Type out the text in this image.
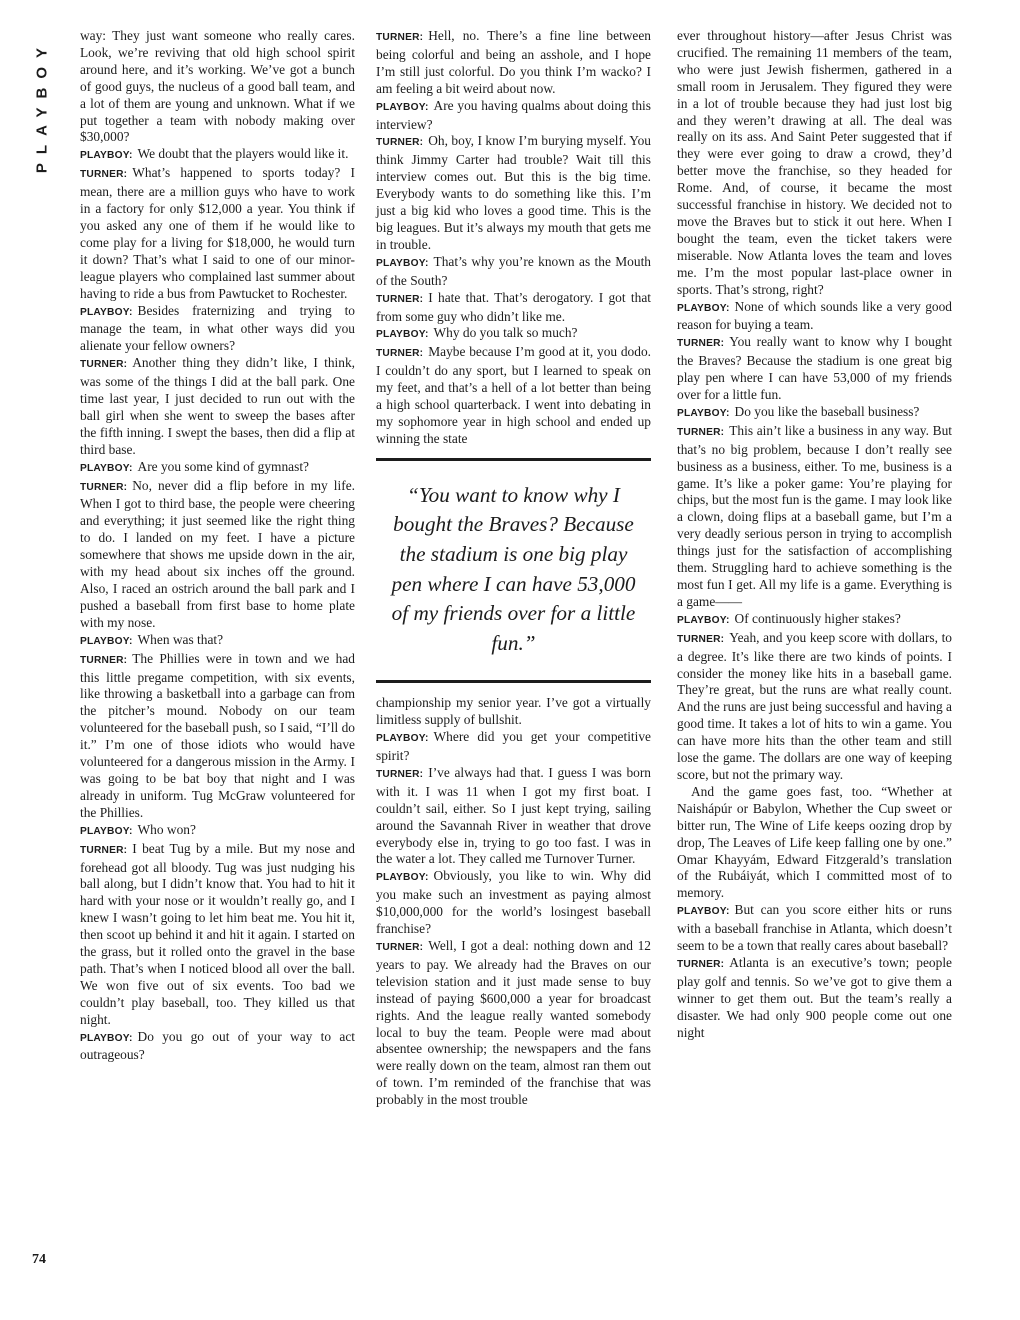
PLAYBOY

way: They just want someone who really cares. Look, we’re reviving that old high school spirit around here, and it’s working. We’ve got a bunch of good guys, the nucleus of a good ball team, and a lot of them are young and unknown. What if we put together a team with nobody making over $30,000?

PLAYBOY: We doubt that the players would like it.

TURNER: What’s happened to sports today? I mean, there are a million guys who have to work in a factory for only $12,000 a year. You think if you asked any one of them if he would like to come play for a living for $18,000, he would turn it down? That’s what I said to one of our minor-league players who complained last summer about having to ride a bus from Pawtucket to Rochester.

PLAYBOY: Besides fraternizing and trying to manage the team, in what other ways did you alienate your fellow owners?

TURNER: Another thing they didn’t like, I think, was some of the things I did at the ball park. One time last year, I just decided to run out with the ball girl when she went to sweep the bases after the fifth inning. I swept the bases, then did a flip at third base.

PLAYBOY: Are you some kind of gymnast?

TURNER: No, never did a flip before in my life. When I got to third base, the people were cheering and everything; it just seemed like the right thing to do. I landed on my feet. I have a picture somewhere that shows me upside down in the air, with my head about six inches off the ground. Also, I raced an ostrich around the ball park and I pushed a baseball from first base to home plate with my nose.

PLAYBOY: When was that?

TURNER: The Phillies were in town and we had this little pregame competition, with six events, like throwing a basketball into a garbage can from the pitcher’s mound. Nobody on our team volunteered for the baseball push, so I said, “I’ll do it.” I’m one of those idiots who would have volunteered for a dangerous mission in the Army. I was going to be bat boy that night and I was already in uniform. Tug McGraw volunteered for the Phillies.

PLAYBOY: Who won?

TURNER: I beat Tug by a mile. But my nose and forehead got all bloody. Tug was just nudging his ball along, but I didn’t know that. You had to hit it hard with your nose or it wouldn’t really go, and I knew I wasn’t going to let him beat me. You hit it, then scoot up behind it and hit it again. I started on the grass, but it rolled onto the gravel in the base path. That’s when I noticed blood all over the ball. We won five out of six events. Too bad we couldn’t play baseball, too. They killed us that night.

PLAYBOY: Do you go out of your way to act outrageous?

TURNER: Hell, no. There’s a fine line between being colorful and being an asshole, and I hope I’m still just colorful. Do you think I’m wacko? I am feeling a bit weird about now.

PLAYBOY: Are you having qualms about doing this interview?

TURNER: Oh, boy, I know I’m burying myself. You think Jimmy Carter had trouble? Wait till this interview comes out. But this is the big time. Everybody wants to do something like this. I’m just a big kid who loves a good time. This is the big leagues. But it’s always my mouth that gets me in trouble.

PLAYBOY: That’s why you’re known as the Mouth of the South?

TURNER: I hate that. That’s derogatory. I got that from some guy who didn’t like me.

PLAYBOY: Why do you talk so much?

TURNER: Maybe because I’m good at it, you dodo. I couldn’t do any sport, but I learned to speak on my feet, and that’s a hell of a lot better than being a high school quarterback. I went into debating in my sophomore year in high school and ended up winning the state

“You want to know why I bought the Braves? Because the stadium is one big play pen where I can have 53,000 of my friends over for a little fun.”

championship my senior year. I’ve got a virtually limitless supply of bullshit.

PLAYBOY: Where did you get your competitive spirit?

TURNER: I’ve always had that. I guess I was born with it. I was 11 when I got my first boat. I couldn’t sail, either. So I just kept trying, sailing around the Savannah River in weather that drove everybody else in, trying to go too fast. I was in the water a lot. They called me Turnover Turner.

PLAYBOY: Obviously, you like to win. Why did you make such an investment as paying almost $10,000,000 for the world’s losingest baseball franchise?

TURNER: Well, I got a deal: nothing down and 12 years to pay. We already had the Braves on our television station and it just made sense to buy instead of paying $600,000 a year for broadcast rights. And the league really wanted somebody local to buy the team. People were mad about absentee ownership; the newspapers and the fans were really down on the team, almost ran them out of town. I’m reminded of the franchise that was probably in the most trouble

ever throughout history—after Jesus Christ was crucified. The remaining 11 members of the team, who were just Jewish fishermen, gathered in a small room in Jerusalem. They figured they were in a lot of trouble because they had just lost big and they weren’t drawing at all. The deal was really on its ass. And Saint Peter suggested that if they were ever going to draw a crowd, they’d better move the franchise, so they headed for Rome. And, of course, it became the most successful franchise in history. We decided not to move the Braves but to stick it out here. When I bought the team, even the ticket takers were miserable. Now Atlanta loves the team and loves me. I’m the most popular last-place owner in sports. That’s strong, right?

PLAYBOY: None of which sounds like a very good reason for buying a team.

TURNER: You really want to know why I bought the Braves? Because the stadium is one great big play pen where I can have 53,000 of my friends over for a little fun.

PLAYBOY: Do you like the baseball business?

TURNER: This ain’t like a business in any way. But that’s no big problem, because I don’t really see business as a business, either. To me, business is a game. It’s like a poker game: You’re playing for chips, but the most fun is the game. I may look like a clown, doing flips at a baseball game, but I’m a very deadly serious person in trying to accomplish things just for the satisfaction of accomplishing them. Struggling hard to achieve something is the most fun I get. All my life is a game. Everything is a game——

PLAYBOY: Of continuously higher stakes?

TURNER: Yeah, and you keep score with dollars, to a degree. It’s like there are two kinds of points. I consider the money like hits in a baseball game. They’re great, but the runs are what really count. And the runs are just being successful and having a good time. It takes a lot of hits to win a game. You can have more hits than the other team and still lose the game. The dollars are one way of keeping score, but not the primary way.

And the game goes fast, too. “Whether at Naishápúr or Babylon, Whether the Cup sweet or bitter run, The Wine of Life keeps oozing drop by drop, The Leaves of Life keep falling one by one.” Omar Khayyám, Edward Fitzgerald’s translation of the Rubáiyát, which I committed most of to memory.

PLAYBOY: But can you score either hits or runs with a baseball franchise in Atlanta, which doesn’t seem to be a town that really cares about baseball?

TURNER: Atlanta is an executive’s town; people play golf and tennis. So we’ve got to give them a winner to get them out. But the team’s really a disaster. We had only 900 people come out one night

74
